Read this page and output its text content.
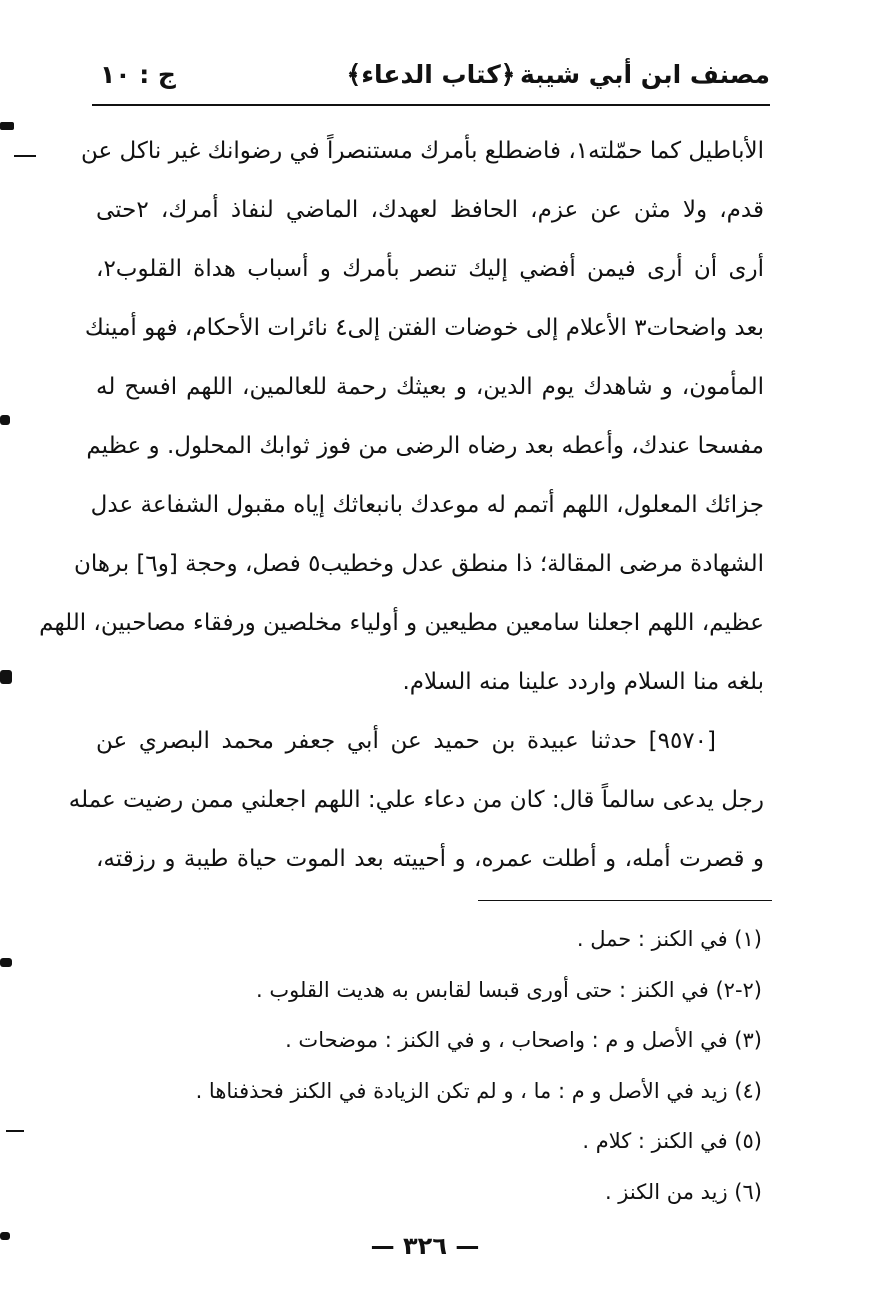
مصنف ابن أبي شيبة
﴿كتاب الدعاء﴾
ج : ١٠
الأباطيل كما حمّلته١، فاضطلع بأمرك مستنصراً في رضوانك غير ناكل عن
قدم، ولا مثن عن عزم، الحافظ لعهدك، الماضي لنفاذ أمرك، ٢حتى
أرى أن أرى فيمن أفضي إليك تنصر بأمرك و أسباب هداة القلوب٢،
بعد واضحات٣ الأعلام إلى خوضات الفتن إلى٤ نائرات الأحكام، فهو أمينك
المأمون، و شاهدك يوم الدين، و بعيثك رحمة للعالمين، اللهم افسح له
مفسحا عندك، وأعطه بعد رضاه الرضى من فوز ثوابك المحلول. و عظيم
جزائك المعلول، اللهم أتمم له موعدك بانبعاثك إياه مقبول الشفاعة عدل
الشهادة مرضى المقالة؛ ذا منطق عدل وخطيب٥ فصل، وحجة [و٦] برهان
عظيم، اللهم اجعلنا سامعين مطيعين و أولياء مخلصين ورفقاء مصاحبين، اللهم
بلغه منا السلام واردد علينا منه السلام.
[٩٥٧٠] حدثنا عبيدة بن حميد عن أبي جعفر محمد البصري عن
رجل يدعى سالماً قال: كان من دعاء علي: اللهم اجعلني ممن رضيت عمله
و قصرت أمله، و أطلت عمره، و أحييته بعد الموت حياة طيبة و رزقته،
(١) في الكنز : حمل .
(٢-٢) في الكنز : حتى أورى قبسا لقابس به هديت القلوب .
(٣) في الأصل و م : واصحاب ، و في الكنز : موضحات .
(٤) زيد في الأصل و م : ما ، و لم تكن الزيادة في الكنز فحذفناها .
(٥) في الكنز : كلام .
(٦) زيد من الكنز .
— ٣٢٦ —
